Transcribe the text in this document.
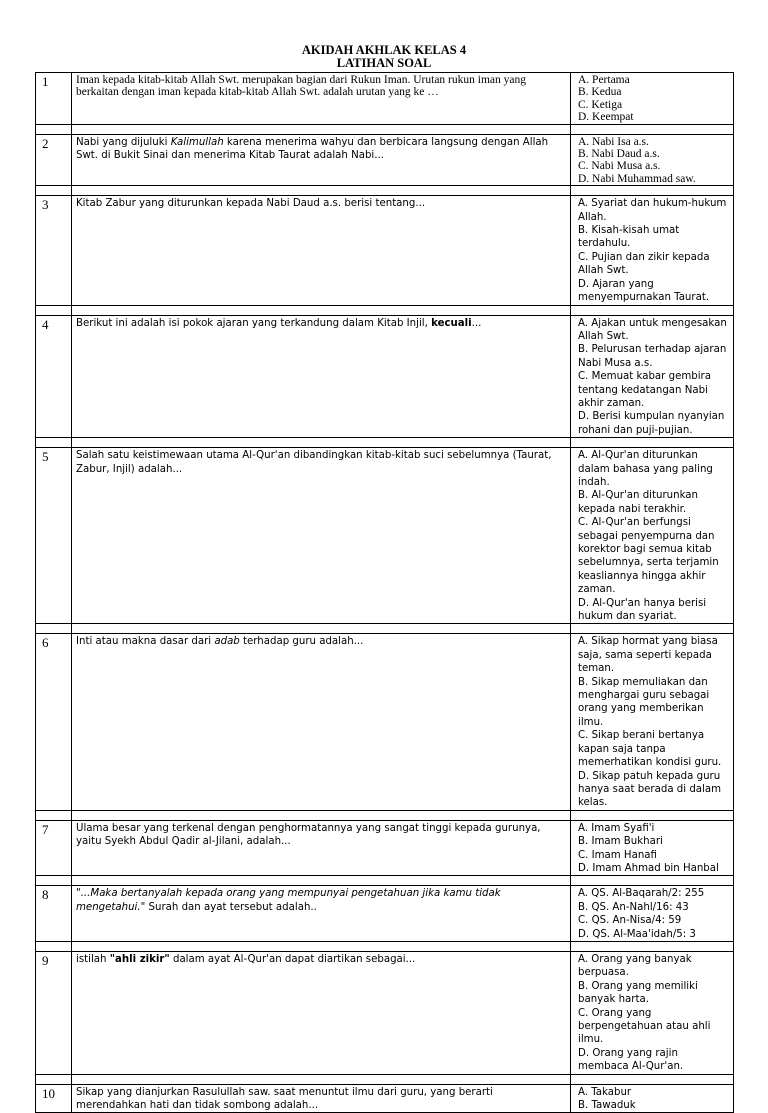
AKIDAH AKHLAK KELAS 4
LATIHAN SOAL
1	Iman kepada kitab-kitab Allah Swt. merupakan bagian dari Rukun Iman. Urutan rukun iman yang berkaitan dengan iman kepada kitab-kitab Allah Swt. adalah urutan yang ke …	A. Pertama
B. Kedua
C. Ketiga
D. Keempat

2	Nabi yang dijuluki Kalimullah karena menerima wahyu dan berbicara langsung dengan Allah Swt. di Bukit Sinai dan menerima Kitab Taurat adalah Nabi...	A. Nabi Isa a.s.
B. Nabi Daud a.s.
C. Nabi Musa a.s.
D. Nabi Muhammad saw.

3	Kitab Zabur yang diturunkan kepada Nabi Daud a.s. berisi tentang...	A. Syariat dan hukum-hukum Allah.
B. Kisah-kisah umat terdahulu.
C. Pujian dan zikir kepada Allah Swt.
D. Ajaran yang menyempurnakan Taurat.

4	Berikut ini adalah isi pokok ajaran yang terkandung dalam Kitab Injil, kecuali...	A. Ajakan untuk mengesakan Allah Swt.
B. Pelurusan terhadap ajaran Nabi Musa a.s.
C. Memuat kabar gembira tentang kedatangan Nabi akhir zaman.
D. Berisi kumpulan nyanyian rohani dan puji-pujian.

5	Salah satu keistimewaan utama Al-Qur'an dibandingkan kitab-kitab suci sebelumnya (Taurat, Zabur, Injil) adalah...	A. Al-Qur'an diturunkan dalam bahasa yang paling indah.
B. Al-Qur'an diturunkan kepada nabi terakhir.
C. Al-Qur'an berfungsi sebagai penyempurna dan korektor bagi semua kitab sebelumnya, serta terjamin keasliannya hingga akhir zaman.
D. Al-Qur'an hanya berisi hukum dan syariat.

6	Inti atau makna dasar dari adab terhadap guru adalah...	A. Sikap hormat yang biasa saja, sama seperti kepada teman.
B. Sikap memuliakan dan menghargai guru sebagai orang yang memberikan ilmu.
C. Sikap berani bertanya kapan saja tanpa memerhatikan kondisi guru.
D. Sikap patuh kepada guru hanya saat berada di dalam kelas.

7	Ulama besar yang terkenal dengan penghormatannya yang sangat tinggi kepada gurunya, yaitu Syekh Abdul Qadir al-Jilani, adalah...	A. Imam Syafi'i
B. Imam Bukhari
C. Imam Hanafi
D. Imam Ahmad bin Hanbal

8	"...Maka bertanyalah kepada orang yang mempunyai pengetahuan jika kamu tidak mengetahui." Surah dan ayat tersebut adalah..	A. QS. Al-Baqarah/2: 255
B. QS. An-Nahl/16: 43
C. QS. An-Nisa/4: 59
D. QS. Al-Maa'idah/5: 3

9	istilah "ahli zikir" dalam ayat Al-Qur'an dapat diartikan sebagai...	A. Orang yang banyak berpuasa.
B. Orang yang memiliki banyak harta.
C. Orang yang berpengetahuan atau ahli ilmu.
D. Orang yang rajin membaca Al-Qur'an.

10	Sikap yang dianjurkan Rasulullah saw. saat menuntut ilmu dari guru, yang berarti merendahkan hati dan tidak sombong adalah...	A. Takabur
B. Tawaduk
